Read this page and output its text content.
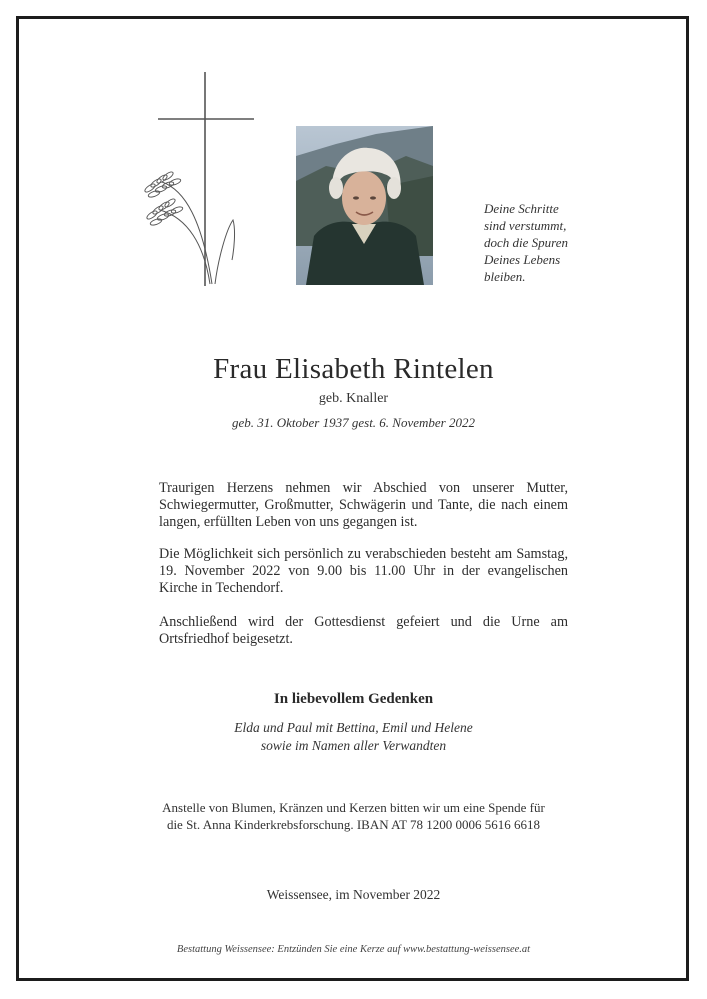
Deine Schritte
sind verstummt,
doch die Spuren
Deines Lebens
bleiben.
Frau Elisabeth Rintelen
geb. Knaller
geb. 31. Oktober 1937 gest. 6. November 2022
Traurigen Herzens nehmen wir Abschied von unserer Mutter, Schwiegermutter, Großmutter, Schwägerin und Tante, die nach einem langen, erfüllten Leben von uns gegangen ist.
Die Möglichkeit sich persönlich zu verabschieden besteht am Samstag, 19. November 2022 von 9.00 bis 11.00 Uhr in der evangelischen Kirche in Techendorf.
Anschließend wird der Gottesdienst gefeiert und die Urne am Ortsfriedhof beigesetzt.
In liebevollem Gedenken
Elda und Paul mit Bettina, Emil und Helene
sowie im Namen aller Verwandten
Anstelle von Blumen, Kränzen und Kerzen bitten wir um eine Spende für
die St. Anna Kinderkrebsforschung. IBAN AT 78 1200 0006 5616 6618
Weissensee, im November 2022
Bestattung Weissensee: Entzünden Sie eine Kerze auf www.bestattung-weissensee.at
